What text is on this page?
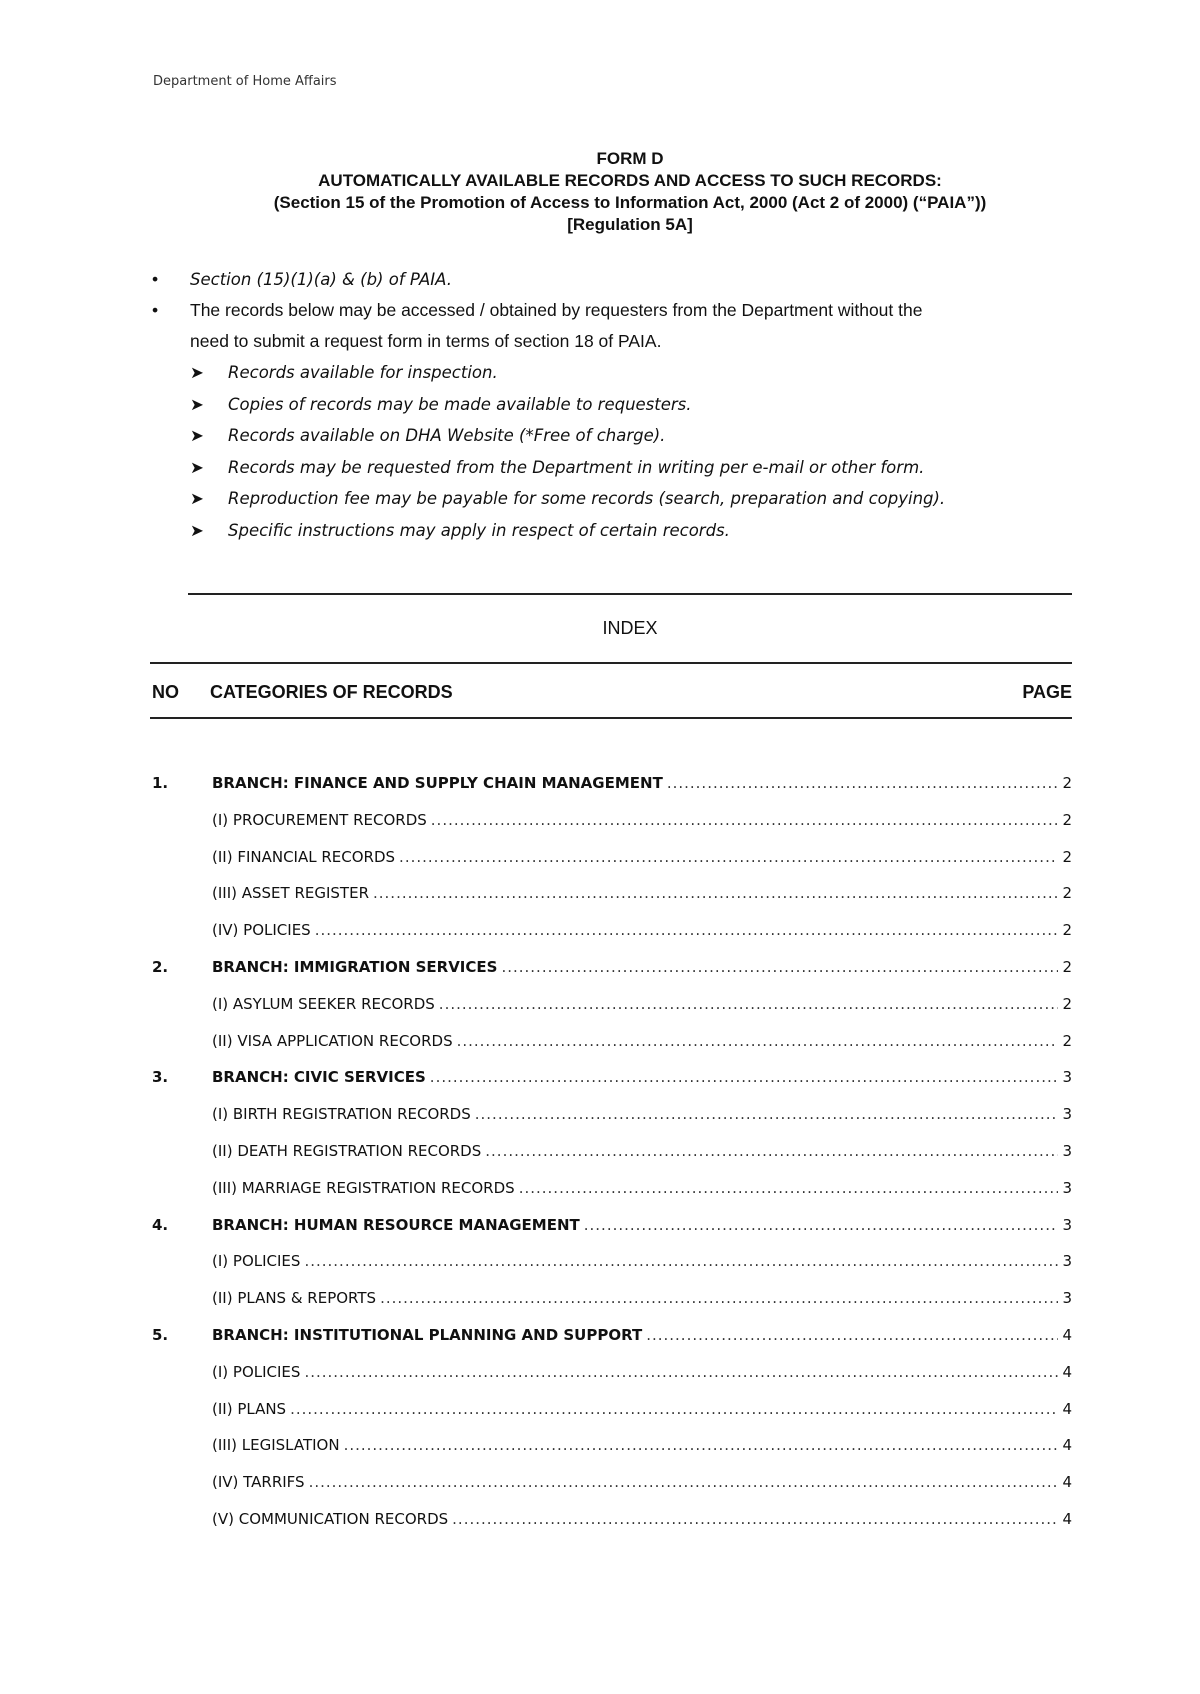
Department of Home Affairs
FORM D
AUTOMATICALLY AVAILABLE RECORDS AND ACCESS TO SUCH RECORDS:
(Section 15 of the Promotion of Access to Information Act, 2000 (Act 2 of 2000) (“PAIA”))
[Regulation 5A]
• Section (15)(1)(a) & (b) of PAIA.
• The records below may be accessed / obtained by requesters from the Department without the
need to submit a request form in terms of section 18 of PAIA.
➤ Records available for inspection.
➤ Copies of records may be made available to requesters.
➤ Records available on DHA Website (*Free of charge).
➤ Records may be requested from the Department in writing per e-mail or other form.
➤ Reproduction fee may be payable for some records (search, preparation and copying).
➤ Specific instructions may apply in respect of certain records.
INDEX
NO CATEGORIES OF RECORDS	PAGE
1.	BRANCH: FINANCE AND SUPPLY CHAIN MANAGEMENT .....	2
(I) PROCUREMENT RECORDS .....	2
(II) FINANCIAL RECORDS .....	2
(III) ASSET REGISTER .....	2
(IV) POLICIES .....	2
2.	BRANCH: IMMIGRATION SERVICES .....	2
(I) ASYLUM SEEKER RECORDS .....	2
(II) VISA APPLICATION RECORDS .....	2
3.	BRANCH: CIVIC SERVICES .....	3
(I) BIRTH REGISTRATION RECORDS .....	3
(II) DEATH REGISTRATION RECORDS .....	3
(III) MARRIAGE REGISTRATION RECORDS .....	3
4.	BRANCH: HUMAN RESOURCE MANAGEMENT .....	3
(I) POLICIES .....	3
(II) PLANS & REPORTS .....	3
5.	BRANCH: INSTITUTIONAL PLANNING AND SUPPORT .....	4
(I) POLICIES .....	4
(II) PLANS .....	4
(III) LEGISLATION .....	4
(IV) TARRIFS .....	4
(V) COMMUNICATION RECORDS .....	4
